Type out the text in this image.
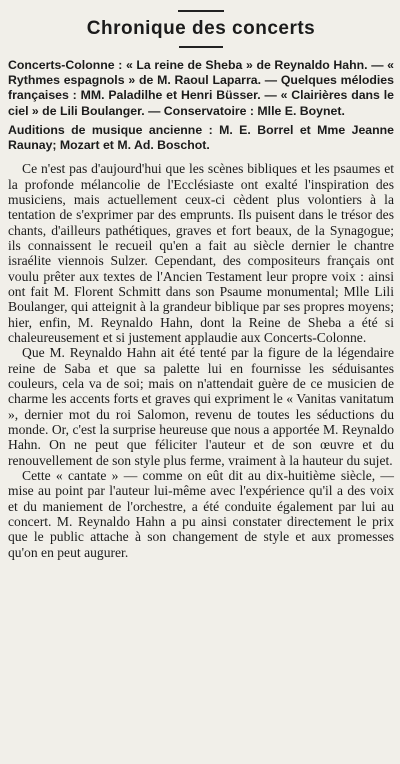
Chronique des concerts

Concerts-Colonne : « La reine de Sheba » de Reynaldo Hahn. — « Rythmes espagnols » de M. Raoul Laparra. — Quelques mélodies françaises : MM. Paladilhe et Henri Büsser. — « Clairières dans le ciel » de Lili Boulanger. — Conservatoire : Mlle E. Boynet.

Auditions de musique ancienne : M. E. Borrel et Mme Jeanne Raunay; Mozart et M. Ad. Boschot.

Ce n'est pas d'aujourd'hui que les scènes bibliques et les psaumes et la profonde mélancolie de l'Ecclésiaste ont exalté l'inspiration des musiciens, mais actuellement ceux-ci cèdent plus volontiers à la tentation de s'exprimer par des emprunts. Ils puisent dans le trésor des chants, d'ailleurs pathétiques, graves et fort beaux, de la Synagogue; ils connaissent le recueil qu'en a fait au siècle dernier le chantre israélite viennois Sulzer. Cependant, des compositeurs français ont voulu prêter aux textes de l'Ancien Testament leur propre voix : ainsi ont fait M. Florent Schmitt dans son Psaume monumental; Mlle Lili Boulanger, qui atteignit à la grandeur biblique par ses propres moyens; hier, enfin, M. Reynaldo Hahn, dont la Reine de Sheba a été si chaleureusement et si justement applaudie aux Concerts-Colonne.

Que M. Reynaldo Hahn ait été tenté par la figure de la légendaire reine de Saba et que sa palette lui en fournisse les séduisantes couleurs, cela va de soi; mais on n'attendait guère de ce musicien de charme les accents forts et graves qui expriment le « Vanitas vanitatum », dernier mot du roi Salomon, revenu de toutes les séductions du monde. Or, c'est la surprise heureuse que nous a apportée M. Reynaldo Hahn. On ne peut que féliciter l'auteur et de son œuvre et du renouvellement de son style plus ferme, vraiment à la hauteur du sujet.

Cette « cantate » — comme on eût dit au dix-huitième siècle, — mise au point par l'auteur lui-même avec l'expérience qu'il a des voix et du maniement de l'orchestre, a été conduite également par lui au concert. M. Reynaldo Hahn a pu ainsi constater directement le prix que le public attache à son changement de style et aux promesses qu'on en peut augurer.
